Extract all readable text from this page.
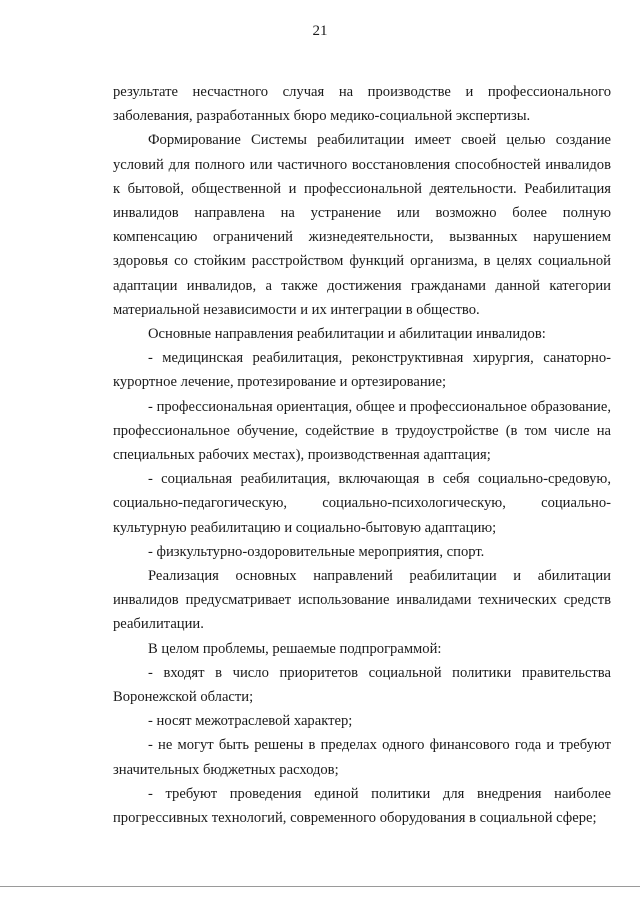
21

результате несчастного случая на производстве и профессионального заболевания, разработанных бюро медико-социальной экспертизы.

Формирование Системы реабилитации имеет своей целью создание условий для полного или частичного восстановления способностей инвалидов к бытовой, общественной и профессиональной деятельности. Реабилитация инвалидов направлена на устранение или возможно более полную компенсацию ограничений жизнедеятельности, вызванных нарушением здоровья со стойким расстройством функций организма, в целях социальной адаптации инвалидов, а также достижения гражданами данной категории материальной независимости и их интеграции в общество.

Основные направления реабилитации и абилитации инвалидов:

- медицинская реабилитация, реконструктивная хирургия, санаторно-курортное лечение, протезирование и ортезирование;

- профессиональная ориентация, общее и профессиональное образование, профессиональное обучение, содействие в трудоустройстве (в том числе на специальных рабочих местах), производственная адаптация;

- социальная реабилитация, включающая в себя социально-средовую, социально-педагогическую, социально-психологическую, социально-культурную реабилитацию и социально-бытовую адаптацию;

- физкультурно-оздоровительные мероприятия, спорт.

Реализация основных направлений реабилитации и абилитации инвалидов предусматривает использование инвалидами технических средств реабилитации.

В целом проблемы, решаемые подпрограммой:

- входят в число приоритетов социальной политики правительства Воронежской области;

- носят межотраслевой характер;

- не могут быть решены в пределах одного финансового года и требуют значительных бюджетных расходов;

- требуют проведения единой политики для внедрения наиболее прогрессивных технологий, современного оборудования в социальной сфере;
